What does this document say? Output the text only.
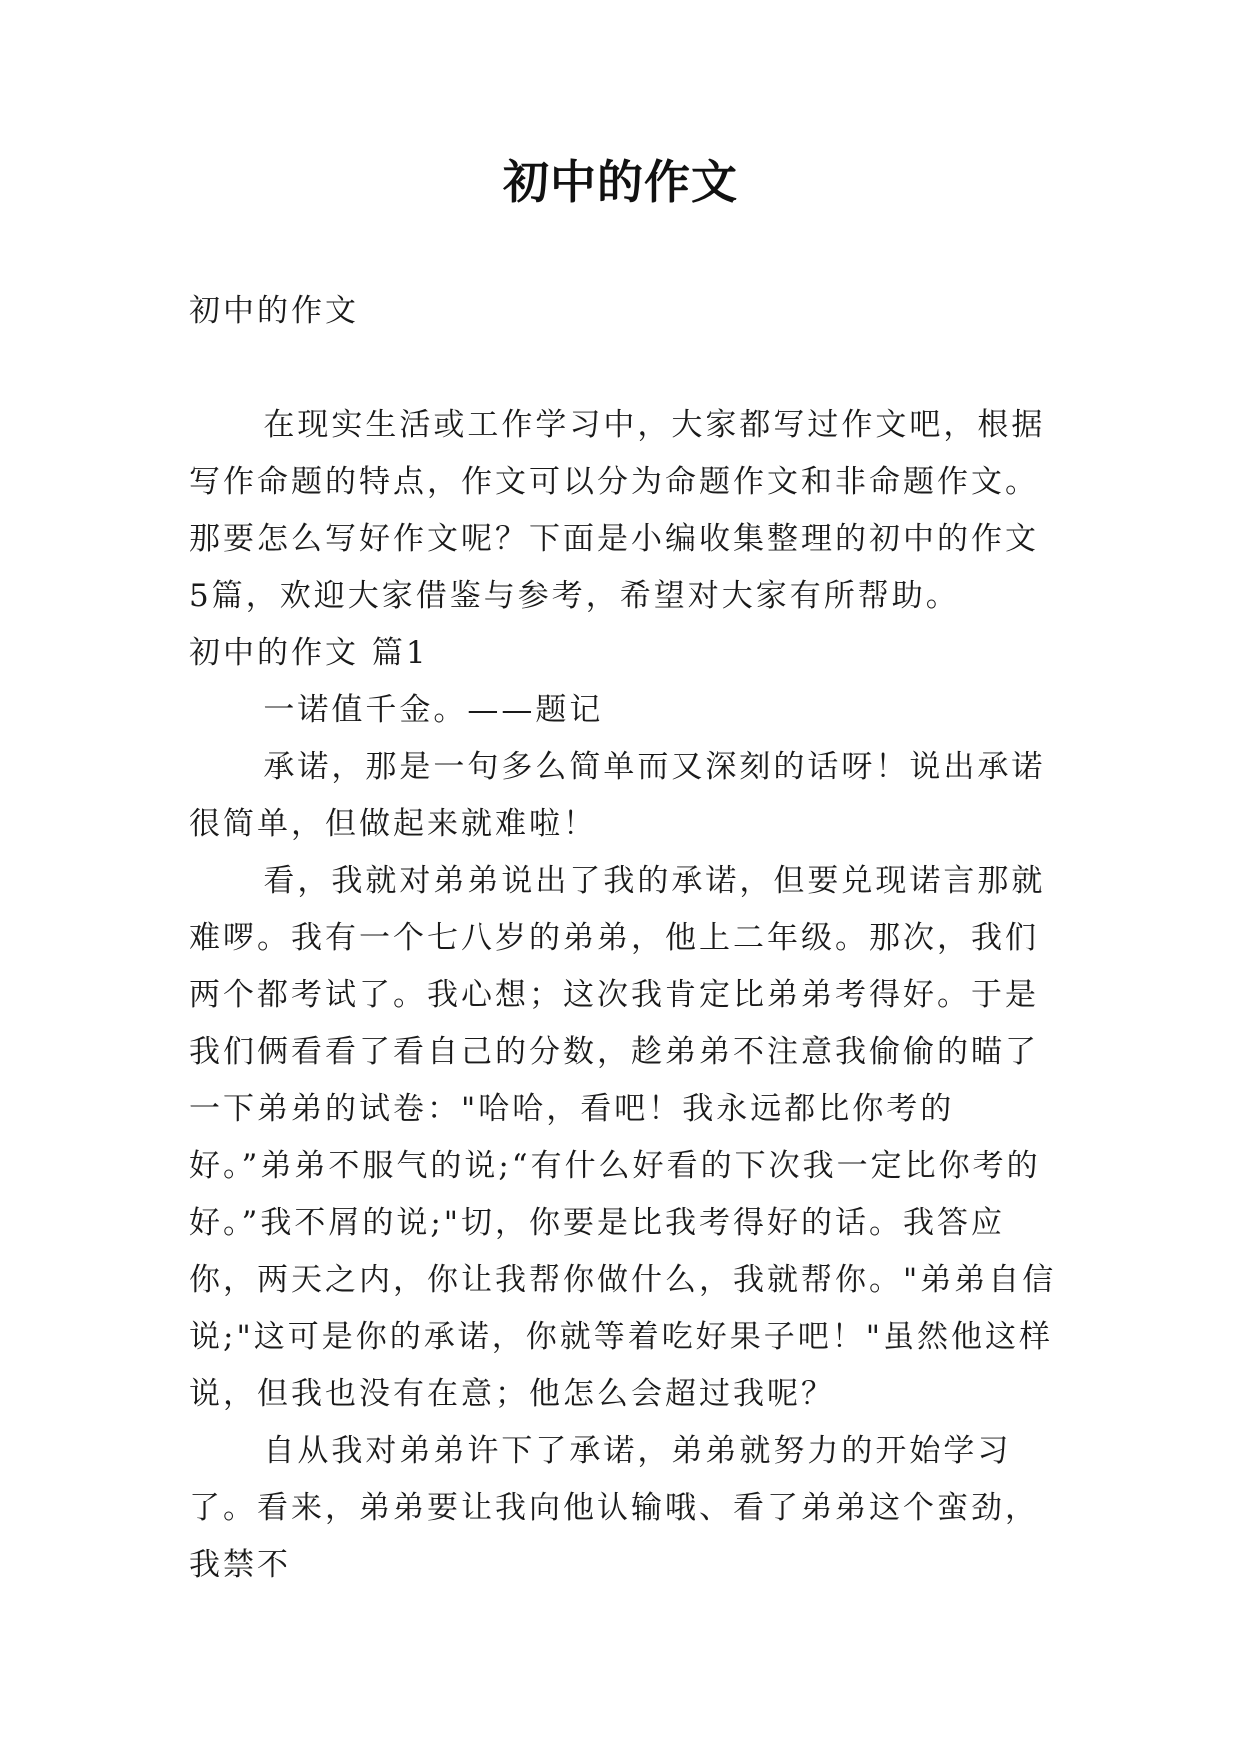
初中的作文

初中的作文

在现实生活或工作学习中，大家都写过作文吧，根据写作命题的特点，作文可以分为命题作文和非命题作文。那要怎么写好作文呢？下面是小编收集整理的初中的作文5篇，欢迎大家借鉴与参考，希望对大家有所帮助。

初中的作文 篇1

一诺值千金。——题记

承诺，那是一句多么简单而又深刻的话呀！说出承诺很简单，但做起来就难啦！

看，我就对弟弟说出了我的承诺，但要兑现诺言那就难啰。我有一个七八岁的弟弟，他上二年级。那次，我们两个都考试了。我心想；这次我肯定比弟弟考得好。于是我们俩看看了看自己的分数，趁弟弟不注意我偷偷的瞄了一下弟弟的试卷："哈哈，看吧！我永远都比你考的好。”弟弟不服气的说;“有什么好看的下次我一定比你考的好。”我不屑的说;"切，你要是比我考得好的话。我答应你，两天之内，你让我帮你做什么，我就帮你。"弟弟自信说;"这可是你的承诺，你就等着吃好果子吧！"虽然他这样说，但我也没有在意；他怎么会超过我呢？

自从我对弟弟许下了承诺，弟弟就努力的开始学习了。看来，弟弟要让我向他认输哦、看了弟弟这个蛮劲，我禁不
